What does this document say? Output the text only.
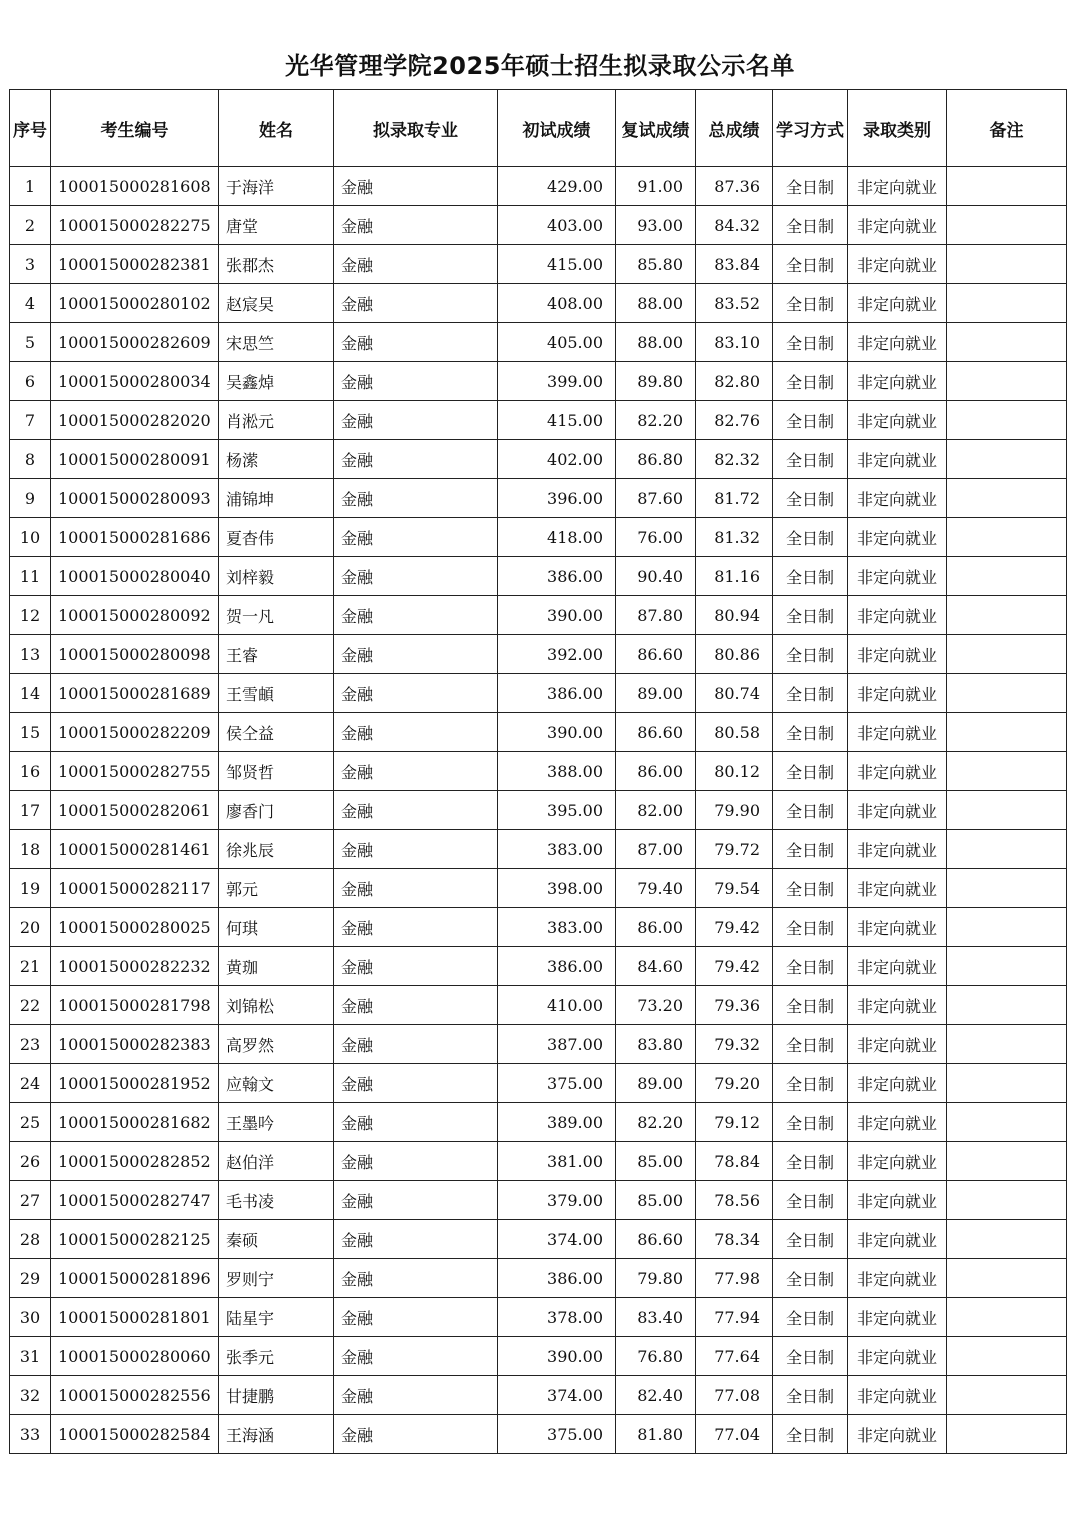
光华管理学院2025年硕士招生拟录取公示名单
序号	考生编号	姓名	拟录取专业	初试成绩	复试成绩	总成绩	学习方式	录取类别	备注
1	100015000281608	于海洋	金融	429.00	91.00	87.36	全日制	非定向就业	
2	100015000282275	唐堂	金融	403.00	93.00	84.32	全日制	非定向就业	
3	100015000282381	张郡杰	金融	415.00	85.80	83.84	全日制	非定向就业	
4	100015000280102	赵宸旲	金融	408.00	88.00	83.52	全日制	非定向就业	
5	100015000282609	宋思竺	金融	405.00	88.00	83.10	全日制	非定向就业	
6	100015000280034	吴鑫焯	金融	399.00	89.80	82.80	全日制	非定向就业	
7	100015000282020	肖淞元	金融	415.00	82.20	82.76	全日制	非定向就业	
8	100015000280091	杨潆	金融	402.00	86.80	82.32	全日制	非定向就业	
9	100015000280093	浦锦坤	金融	396.00	87.60	81.72	全日制	非定向就业	
10	100015000281686	夏杳伟	金融	418.00	76.00	81.32	全日制	非定向就业	
11	100015000280040	刘梓毅	金融	386.00	90.40	81.16	全日制	非定向就业	
12	100015000280092	贺一凡	金融	390.00	87.80	80.94	全日制	非定向就业	
13	100015000280098	王睿	金融	392.00	86.60	80.86	全日制	非定向就业	
14	100015000281689	王雪頔	金融	386.00	89.00	80.74	全日制	非定向就业	
15	100015000282209	侯仝益	金融	390.00	86.60	80.58	全日制	非定向就业	
16	100015000282755	邹贤哲	金融	388.00	86.00	80.12	全日制	非定向就业	
17	100015000282061	廖香门	金融	395.00	82.00	79.90	全日制	非定向就业	
18	100015000281461	徐兆辰	金融	383.00	87.00	79.72	全日制	非定向就业	
19	100015000282117	郭元	金融	398.00	79.40	79.54	全日制	非定向就业	
20	100015000280025	何琪	金融	383.00	86.00	79.42	全日制	非定向就业	
21	100015000282232	黄珈	金融	386.00	84.60	79.42	全日制	非定向就业	
22	100015000281798	刘锦松	金融	410.00	73.20	79.36	全日制	非定向就业	
23	100015000282383	高罗然	金融	387.00	83.80	79.32	全日制	非定向就业	
24	100015000281952	应翰文	金融	375.00	89.00	79.20	全日制	非定向就业	
25	100015000281682	王墨吟	金融	389.00	82.20	79.12	全日制	非定向就业	
26	100015000282852	赵伯洋	金融	381.00	85.00	78.84	全日制	非定向就业	
27	100015000282747	毛书凌	金融	379.00	85.00	78.56	全日制	非定向就业	
28	100015000282125	秦硕	金融	374.00	86.60	78.34	全日制	非定向就业	
29	100015000281896	罗则宁	金融	386.00	79.80	77.98	全日制	非定向就业	
30	100015000281801	陆星宇	金融	378.00	83.40	77.94	全日制	非定向就业	
31	100015000280060	张季元	金融	390.00	76.80	77.64	全日制	非定向就业	
32	100015000282556	甘捷鹏	金融	374.00	82.40	77.08	全日制	非定向就业	
33	100015000282584	王海涵	金融	375.00	81.80	77.04	全日制	非定向就业	
